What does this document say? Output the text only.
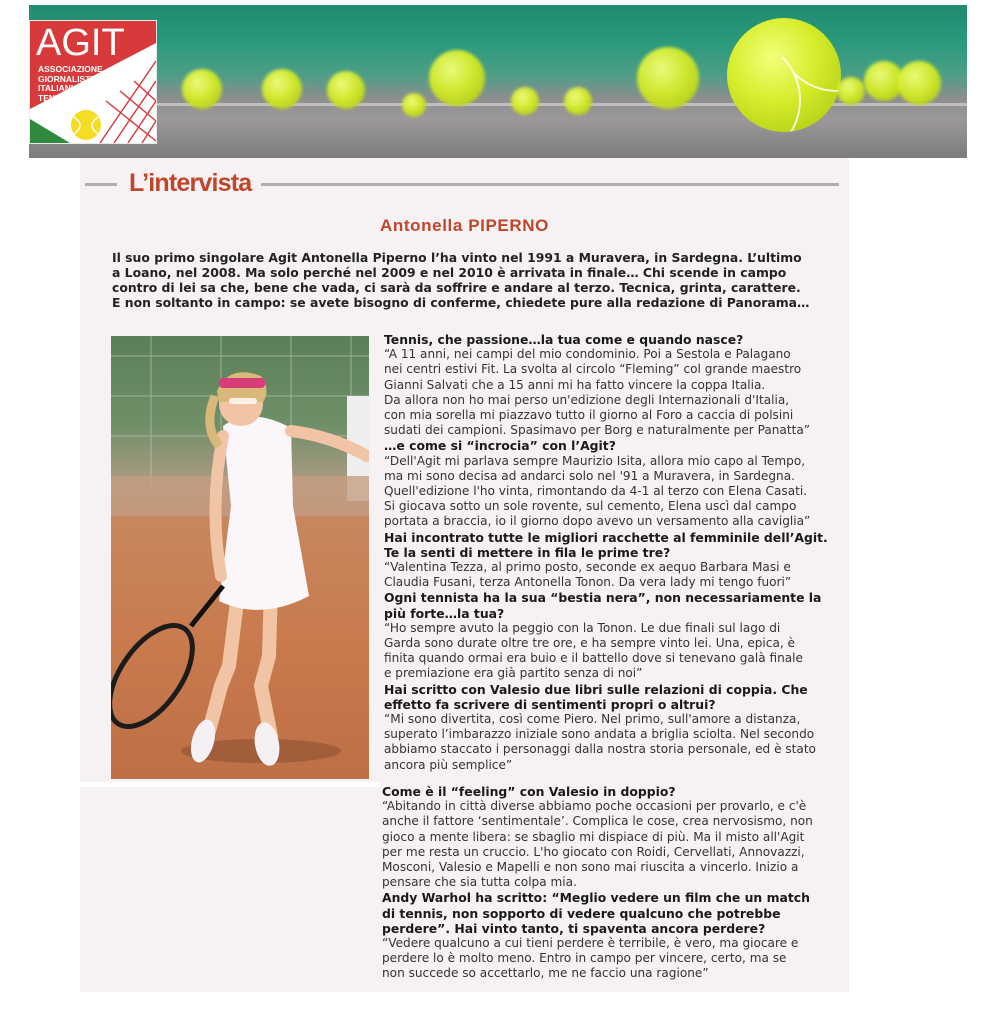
AGIT
ASSOCIAZIONE
GIORNALISTI
ITALIANI
TENNISTI
L’intervista
Antonella PIPERNO
Il suo primo singolare Agit Antonella Piperno l’ha vinto nel 1991 a Muravera, in Sardegna. L’ultimo
a Loano, nel 2008. Ma solo perché nel 2009 e nel 2010 è arrivata in finale… Chi scende in campo
contro di lei sa che, bene che vada, ci sarà da soffrire e andare al terzo. Tecnica, grinta, carattere.
E non soltanto in campo: se avete bisogno di conferme, chiedete pure alla redazione di Panorama…
Tennis, che passione…la tua come e quando nasce?
“A 11 anni, nei campi del mio condominio. Poi a Sestola e Palagano
nei centri estivi Fit. La svolta al circolo “Fleming” col grande maestro
Gianni Salvati che a 15 anni mi ha fatto vincere la coppa Italia.
Da allora non ho mai perso un'edizione degli Internazionali d'Italia,
con mia sorella mi piazzavo tutto il giorno al Foro a caccia di polsini
sudati dei campioni. Spasimavo per Borg e naturalmente per Panatta”
…e come si “incrocia” con l’Agit?
“Dell'Agit mi parlava sempre Maurizio Isita, allora mio capo al Tempo,
ma mi sono decisa ad andarci solo nel '91 a Muravera, in Sardegna.
Quell'edizione l'ho vinta, rimontando da 4-1 al terzo con Elena Casati.
Si giocava sotto un sole rovente, sul cemento, Elena uscì dal campo
portata a braccia, io il giorno dopo avevo un versamento alla caviglia”
Hai incontrato tutte le migliori racchette al femminile dell’Agit.
Te la senti di mettere in fila le prime tre?
“Valentina Tezza, al primo posto, seconde ex aequo Barbara Masi e
Claudia Fusani, terza Antonella Tonon. Da vera lady mi tengo fuori”
Ogni tennista ha la sua “bestia nera”, non necessariamente la
più forte…la tua?
“Ho sempre avuto la peggio con la Tonon. Le due finali sul lago di
Garda sono durate oltre tre ore, e ha sempre vinto lei. Una, epica, è
finita quando ormai era buio e il battello dove si tenevano galà finale
e premiazione era già partito senza di noi”
Hai scritto con Valesio due libri sulle relazioni di coppia. Che
effetto fa scrivere di sentimenti propri o altrui?
“Mi sono divertita, così come Piero. Nel primo, sull'amore a distanza,
superato l’imbarazzo iniziale sono andata a briglia sciolta. Nel secondo
abbiamo staccato i personaggi dalla nostra storia personale, ed è stato
ancora più semplice”
Come è il “feeling” con Valesio in doppio?
“Abitando in città diverse abbiamo poche occasioni per provarlo, e c'è
anche il fattore ‘sentimentale’. Complica le cose, crea nervosismo, non
gioco a mente libera: se sbaglio mi dispiace di più. Ma il misto all'Agit
per me resta un cruccio. L'ho giocato con Roidi, Cervellati, Annovazzi,
Mosconi, Valesio e Mapelli e non sono mai riuscita a vincerlo. Inizio a
pensare che sia tutta colpa mia.
Andy Warhol ha scritto: “Meglio vedere un film che un match
di tennis, non sopporto di vedere qualcuno che potrebbe
perdere”. Hai vinto tanto, ti spaventa ancora perdere?
“Vedere qualcuno a cui tieni perdere è terribile, è vero, ma giocare e
perdere lo è molto meno. Entro in campo per vincere, certo, ma se
non succede so accettarlo, me ne faccio una ragione”
